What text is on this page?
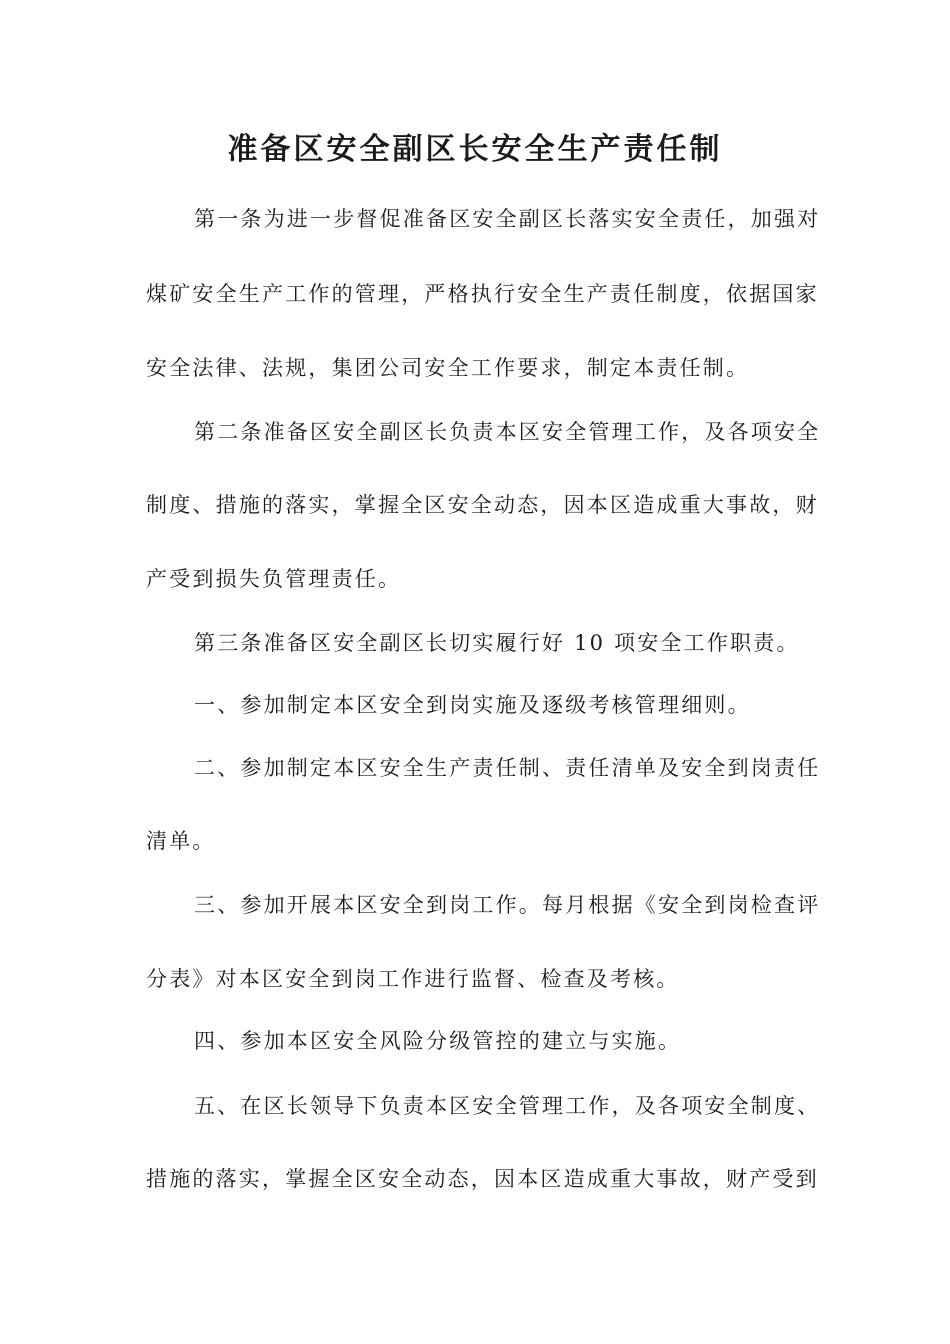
准备区安全副区长安全生产责任制
第一条为进一步督促准备区安全副区长落实安全责任，加强对
煤矿安全生产工作的管理，严格执行安全生产责任制度，依据国家
安全法律、法规，集团公司安全工作要求，制定本责任制。
第二条准备区安全副区长负责本区安全管理工作，及各项安全
制度、措施的落实，掌握全区安全动态，因本区造成重大事故，财
产受到损失负管理责任。
第三条准备区安全副区长切实履行好 10 项安全工作职责。
一、参加制定本区安全到岗实施及逐级考核管理细则。
二、参加制定本区安全生产责任制、责任清单及安全到岗责任
清单。
三、参加开展本区安全到岗工作。每月根据《安全到岗检查评
分表》对本区安全到岗工作进行监督、检查及考核。
四、参加本区安全风险分级管控的建立与实施。
五、在区长领导下负责本区安全管理工作，及各项安全制度、
措施的落实，掌握全区安全动态，因本区造成重大事故，财产受到
